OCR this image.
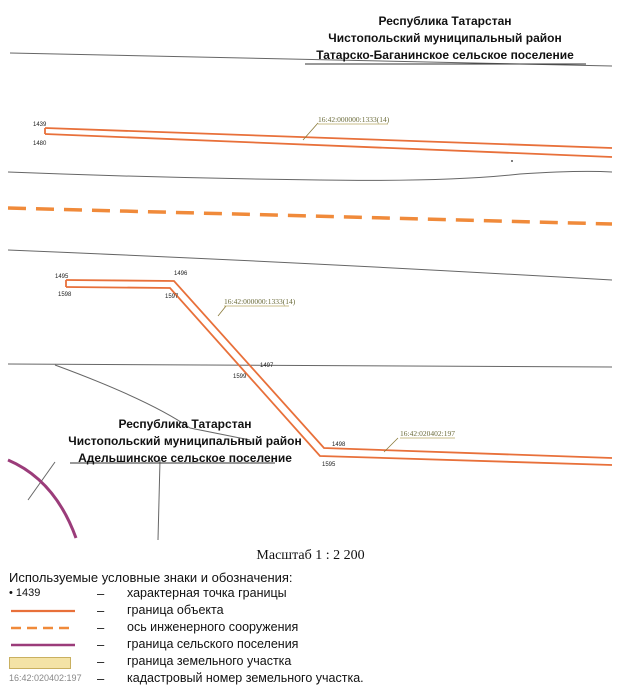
16:42:000000:1333(14)
16:42:000000:1333(14)
16:42:020402:197
1439
1480
1495
1598
1496
1597
1497
1599
1498
1595
Республика Татарстан
Чистопольский муниципальный район
Татарско-Баганинское сельское поселение
Республика Татарстан
Чистопольский муниципальный район
Адельшинское сельское поселение
Масштаб 1 : 2 200
Используемые условные знаки и обозначения:
• 1439	– характерная точка границы
– граница объекта
– ось инженерного сооружения
– граница сельского поселения
– граница земельного участка
16:42:020402:197 – кадастровый номер земельного участка.
